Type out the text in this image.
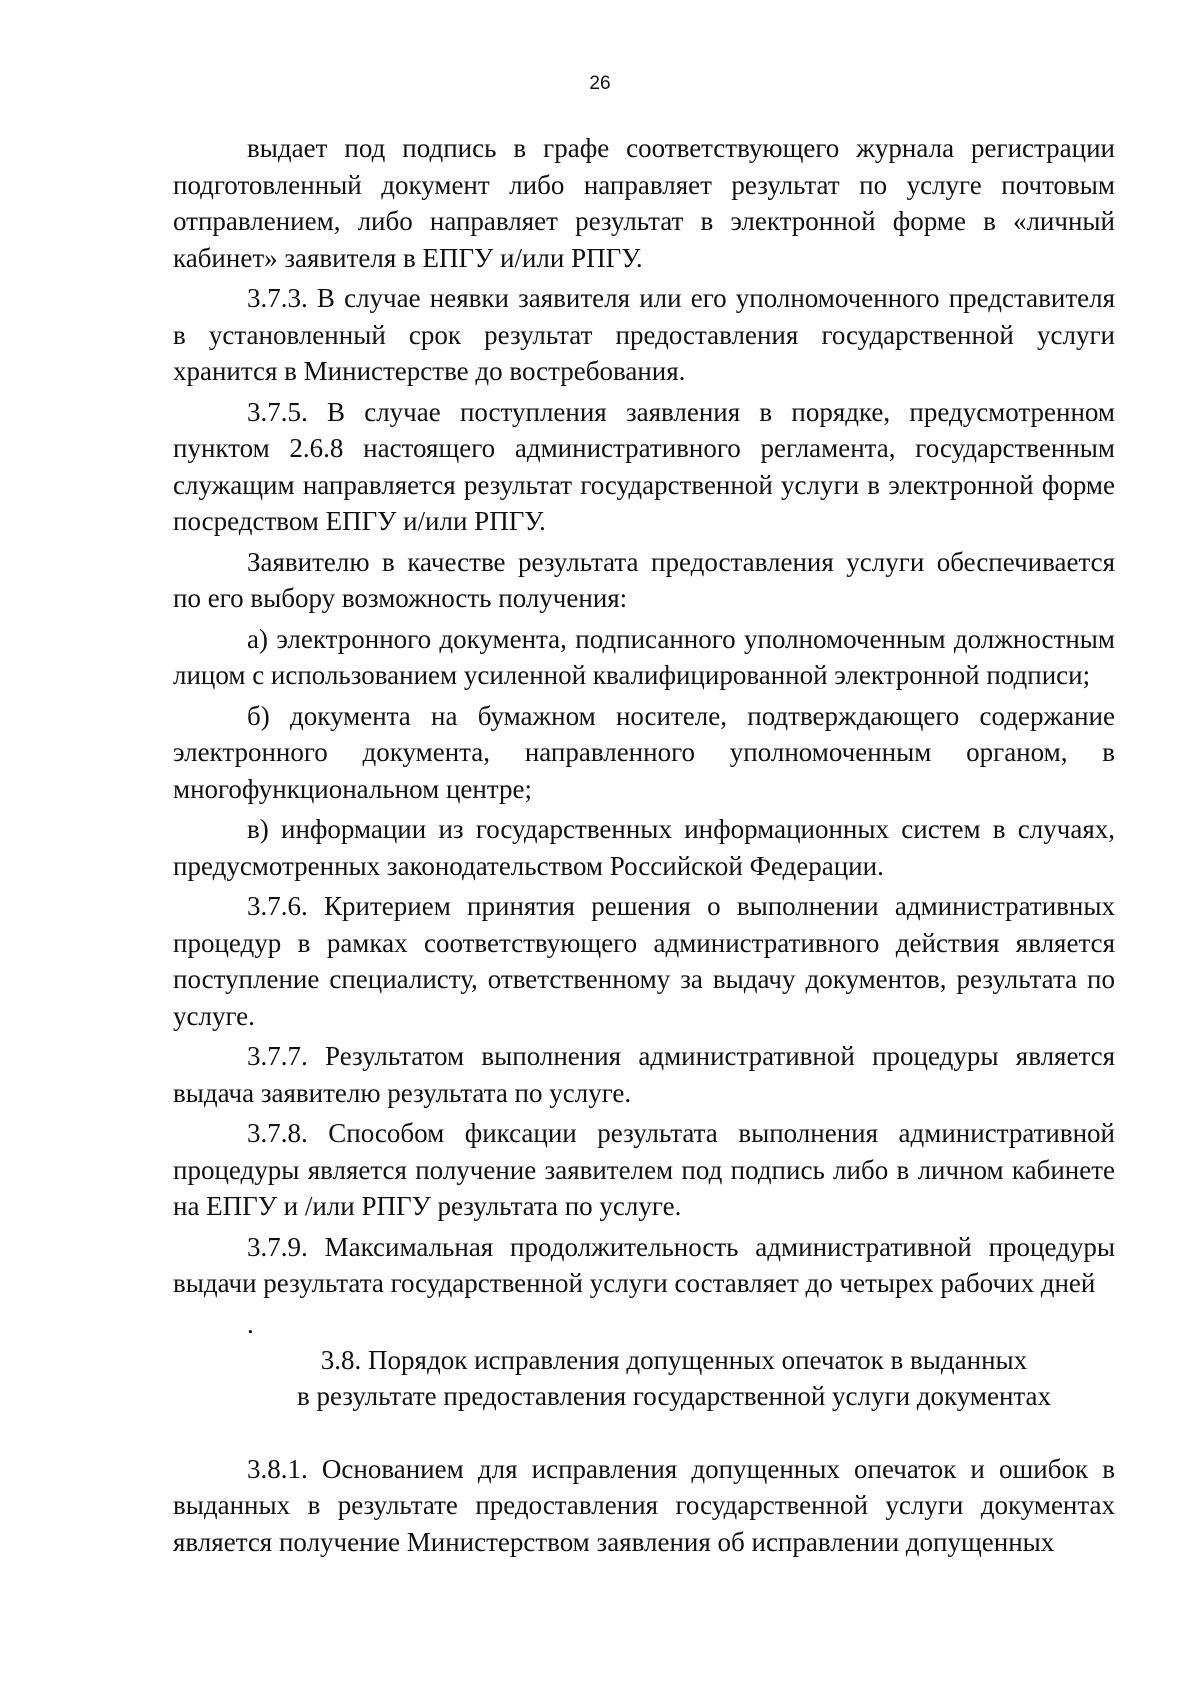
26

выдает под подпись в графе соответствующего журнала регистрации подготовленный документ либо направляет результат по услуге почтовым отправлением, либо направляет результат в электронной форме в «личный кабинет» заявителя в ЕПГУ и/или РПГУ.

3.7.3. В случае неявки заявителя или его уполномоченного представителя в установленный срок результат предоставления государственной услуги хранится в Министерстве до востребования.

3.7.5. В случае поступления заявления в порядке, предусмотренном пунктом 2.6.8 настоящего административного регламента, государственным служащим направляется результат государственной услуги в электронной форме посредством ЕПГУ и/или РПГУ.

Заявителю в качестве результата предоставления услуги обеспечивается по его выбору возможность получения:

а) электронного документа, подписанного уполномоченным должностным лицом с использованием усиленной квалифицированной электронной подписи;

б) документа на бумажном носителе, подтверждающего содержание электронного документа, направленного уполномоченным органом, в многофункциональном центре;

в) информации из государственных информационных систем в случаях, предусмотренных законодательством Российской Федерации.

3.7.6. Критерием принятия решения о выполнении административных процедур в рамках соответствующего административного действия является поступление специалисту, ответственному за выдачу документов, результата по услуге.

3.7.7. Результатом выполнения административной процедуры является выдача заявителю результата по услуге.

3.7.8. Способом фиксации результата выполнения административной процедуры является получение заявителем под подпись либо в личном кабинете на ЕПГУ и /или РПГУ результата по услуге.

3.7.9. Максимальная продолжительность административной процедуры выдачи результата государственной услуги составляет до четырех рабочих дней

.

3.8. Порядок исправления допущенных опечаток в выданных
в результате предоставления государственной услуги документах

3.8.1. Основанием для исправления допущенных опечаток и ошибок в выданных в результате предоставления государственной услуги документах является получение Министерством заявления об исправлении допущенных
